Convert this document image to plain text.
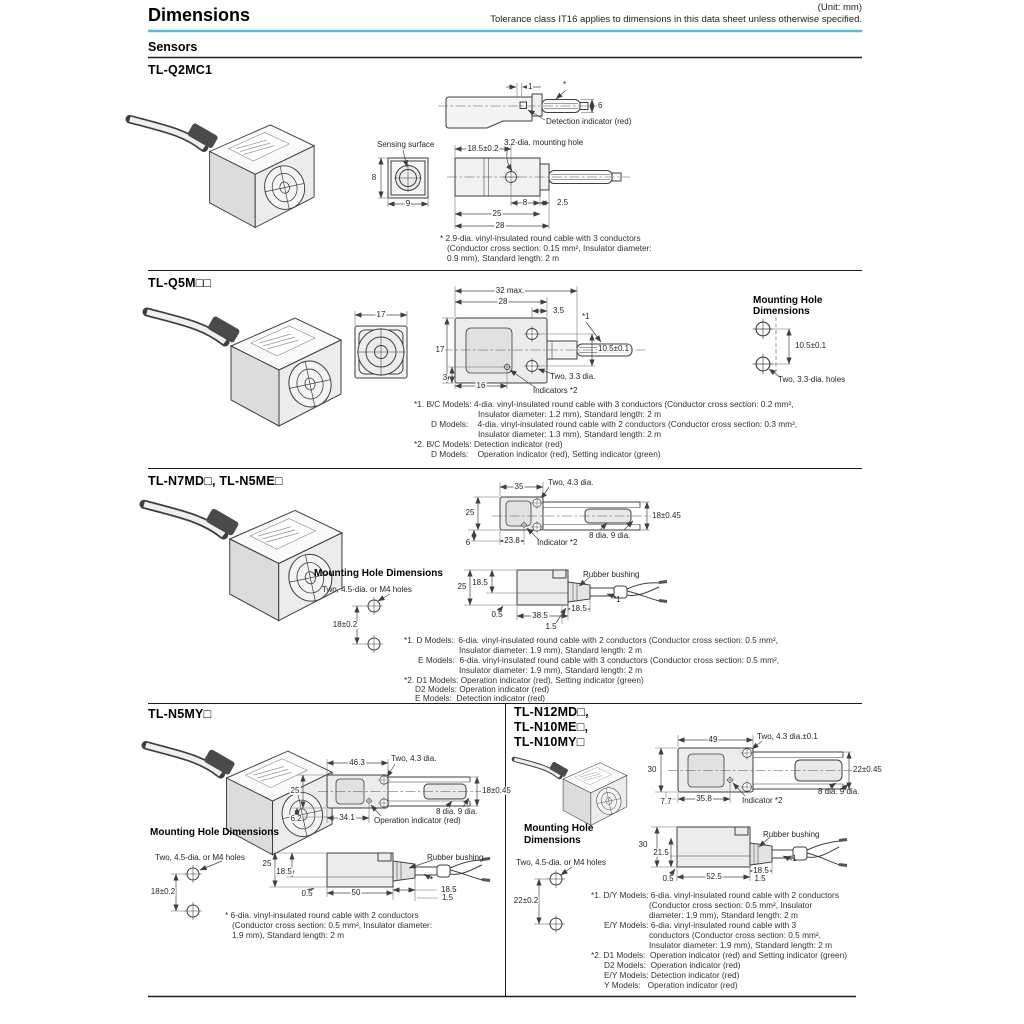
Dimensions	(Unit: mm)
Tolerance class IT16 applies to dimensions in this data sheet unless otherwise specified.
Sensors
TL-Q2MC1
TL-Q5M□□
TL-N7MD□, TL-N5ME□
TL-N5MY□	TL-N12MD□,
TL-N10ME□,
TL-N10MY□
Mounting Hole
Dimensions
Mounting Hole Dimensions
Mounting Hole Dimensions	Mounting Hole
Dimensions
1	*
6
Detection indicator (red)
Sensing surface
8
9
18.5±0.2
3.2-dia. mounting hole
8	2.5
25
28
* 2.9-dia. vinyl-insulated round cable with 3 conductors
(Conductor cross section: 0.15 mm², Insulator diameter:
0.9 mm), Standard length: 2 m
17
32 max.
28
3.5
*1
17	10.5±0.1
Two, 3.3 dia.
3
16
Indicators *2
10.5±0.1
Two, 3.3-dia. holes
*1. B/C Models: 4-dia. vinyl-insulated round cable with 3 conductors (Conductor cross section: 0.2 mm²,
Insulator diameter: 1.2 mm), Standard length: 2 m
D Models:    4-dia. vinyl-insulated round cable with 2 conductors (Conductor cross section: 0.3 mm²,
Insulator diameter: 1.3 mm), Standard length: 2 m
*2. B/C Models: Detection indicator (red)
D Models:    Operation indicator (red), Setting indicator (green)
35	Two, 4.3 dia.
25	18±0.45
8 dia. 9 dia.
6	23.8 Indicator *2
Two, 4.5-dia. or M4 holes
18±0.2
25 18.5
0.5	38.5
Rubber bushing
*1
18.5
1.5
*1. D Models:  6-dia. vinyl-insulated round cable with 2 conductors (Conductor cross section: 0.5 mm²,
Insulator diameter: 1.9 mm), Standard length: 2 m
E Models:  6-dia. vinyl-insulated round cable with 3 conductors (Conductor cross section: 0.5 mm²,
Insulator diameter: 1.9 mm), Standard length: 2 m
*2. D1 Models: Operation indicator (red), Setting indicator (green)
D2 Models: Operation indicator (red)
E Models:  Detection indicator (red)
46.3	Two, 4.3 dia.
25	18±0.45
8 dia. 9 dia.
6.2	34.1 Operation indicator (red)
Two, 4.5-dia. or M4 holes
18±0.2
25
18.5
0.5	50
Rubber bushing
*
18.5
1.5
* 6-dia. vinyl-insulated round cable with 2 conductors
(Conductor cross section: 0.5 mm², Insulator diameter:
1.9 mm), Standard length: 2 m
49	Two, 4.3 dia.±0.1
30	22±0.45
8 dia. 9 dia.
7.7	35.8	Indicator *2
Two, 4.5-dia. or M4 holes
22±0.2
30
21.5
0.5	52.5
Rubber bushing
*1
18.5
1.5
*1. D/Y Models: 6-dia. vinyl-insulated round cable with 2 conductors
(Conductor cross section: 0.5 mm², Insulator
diameter: 1.9 mm), Standard length: 2 m
E/Y Models: 6-dia. vinyl-insulated round cable with 3
conductors (Conductor cross section: 0.5 mm²,
Insulator diameter: 1.9 mm), Standard length: 2 m
*2. D1 Models:  Operation indicator (red) and Setting indicator (green)
D2 Models:  Operation indicator (red)
E/Y Models: Detection indicator (red)
Y Models:   Operation indicator (red)
